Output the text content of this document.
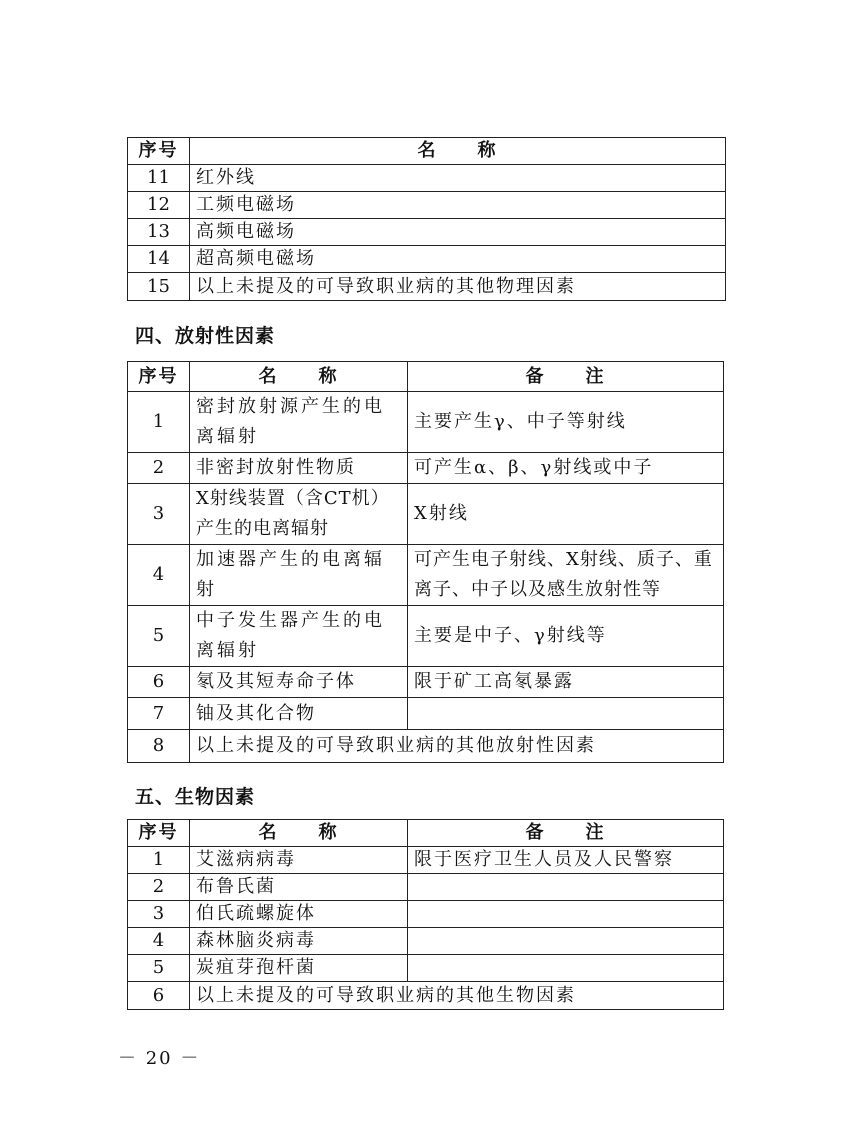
序号	名　　称
11	红外线
12	工频电磁场
13	高频电磁场
14	超高频电磁场
15	以上未提及的可导致职业病的其他物理因素
四、放射性因素
序号	名　　称	备　　注
1	密封放射源产生的电离辐射	主要产生γ、中子等射线
2	非密封放射性物质	可产生α、β、γ射线或中子
3	X射线装置（含CT机）产生的电离辐射	X射线
4	加速器产生的电离辐射	可产生电子射线、X射线、质子、重离子、中子以及感生放射性等
5	中子发生器产生的电离辐射	主要是中子、γ射线等
6	氡及其短寿命子体	限于矿工高氡暴露
7	铀及其化合物	
8	以上未提及的可导致职业病的其他放射性因素	
五、生物因素
序号	名　　称	备　　注
1	艾滋病病毒	限于医疗卫生人员及人民警察
2	布鲁氏菌	
3	伯氏疏螺旋体	
4	森林脑炎病毒	
5	炭疽芽孢杆菌	
6	以上未提及的可导致职业病的其他生物因素	
－ 20 －
